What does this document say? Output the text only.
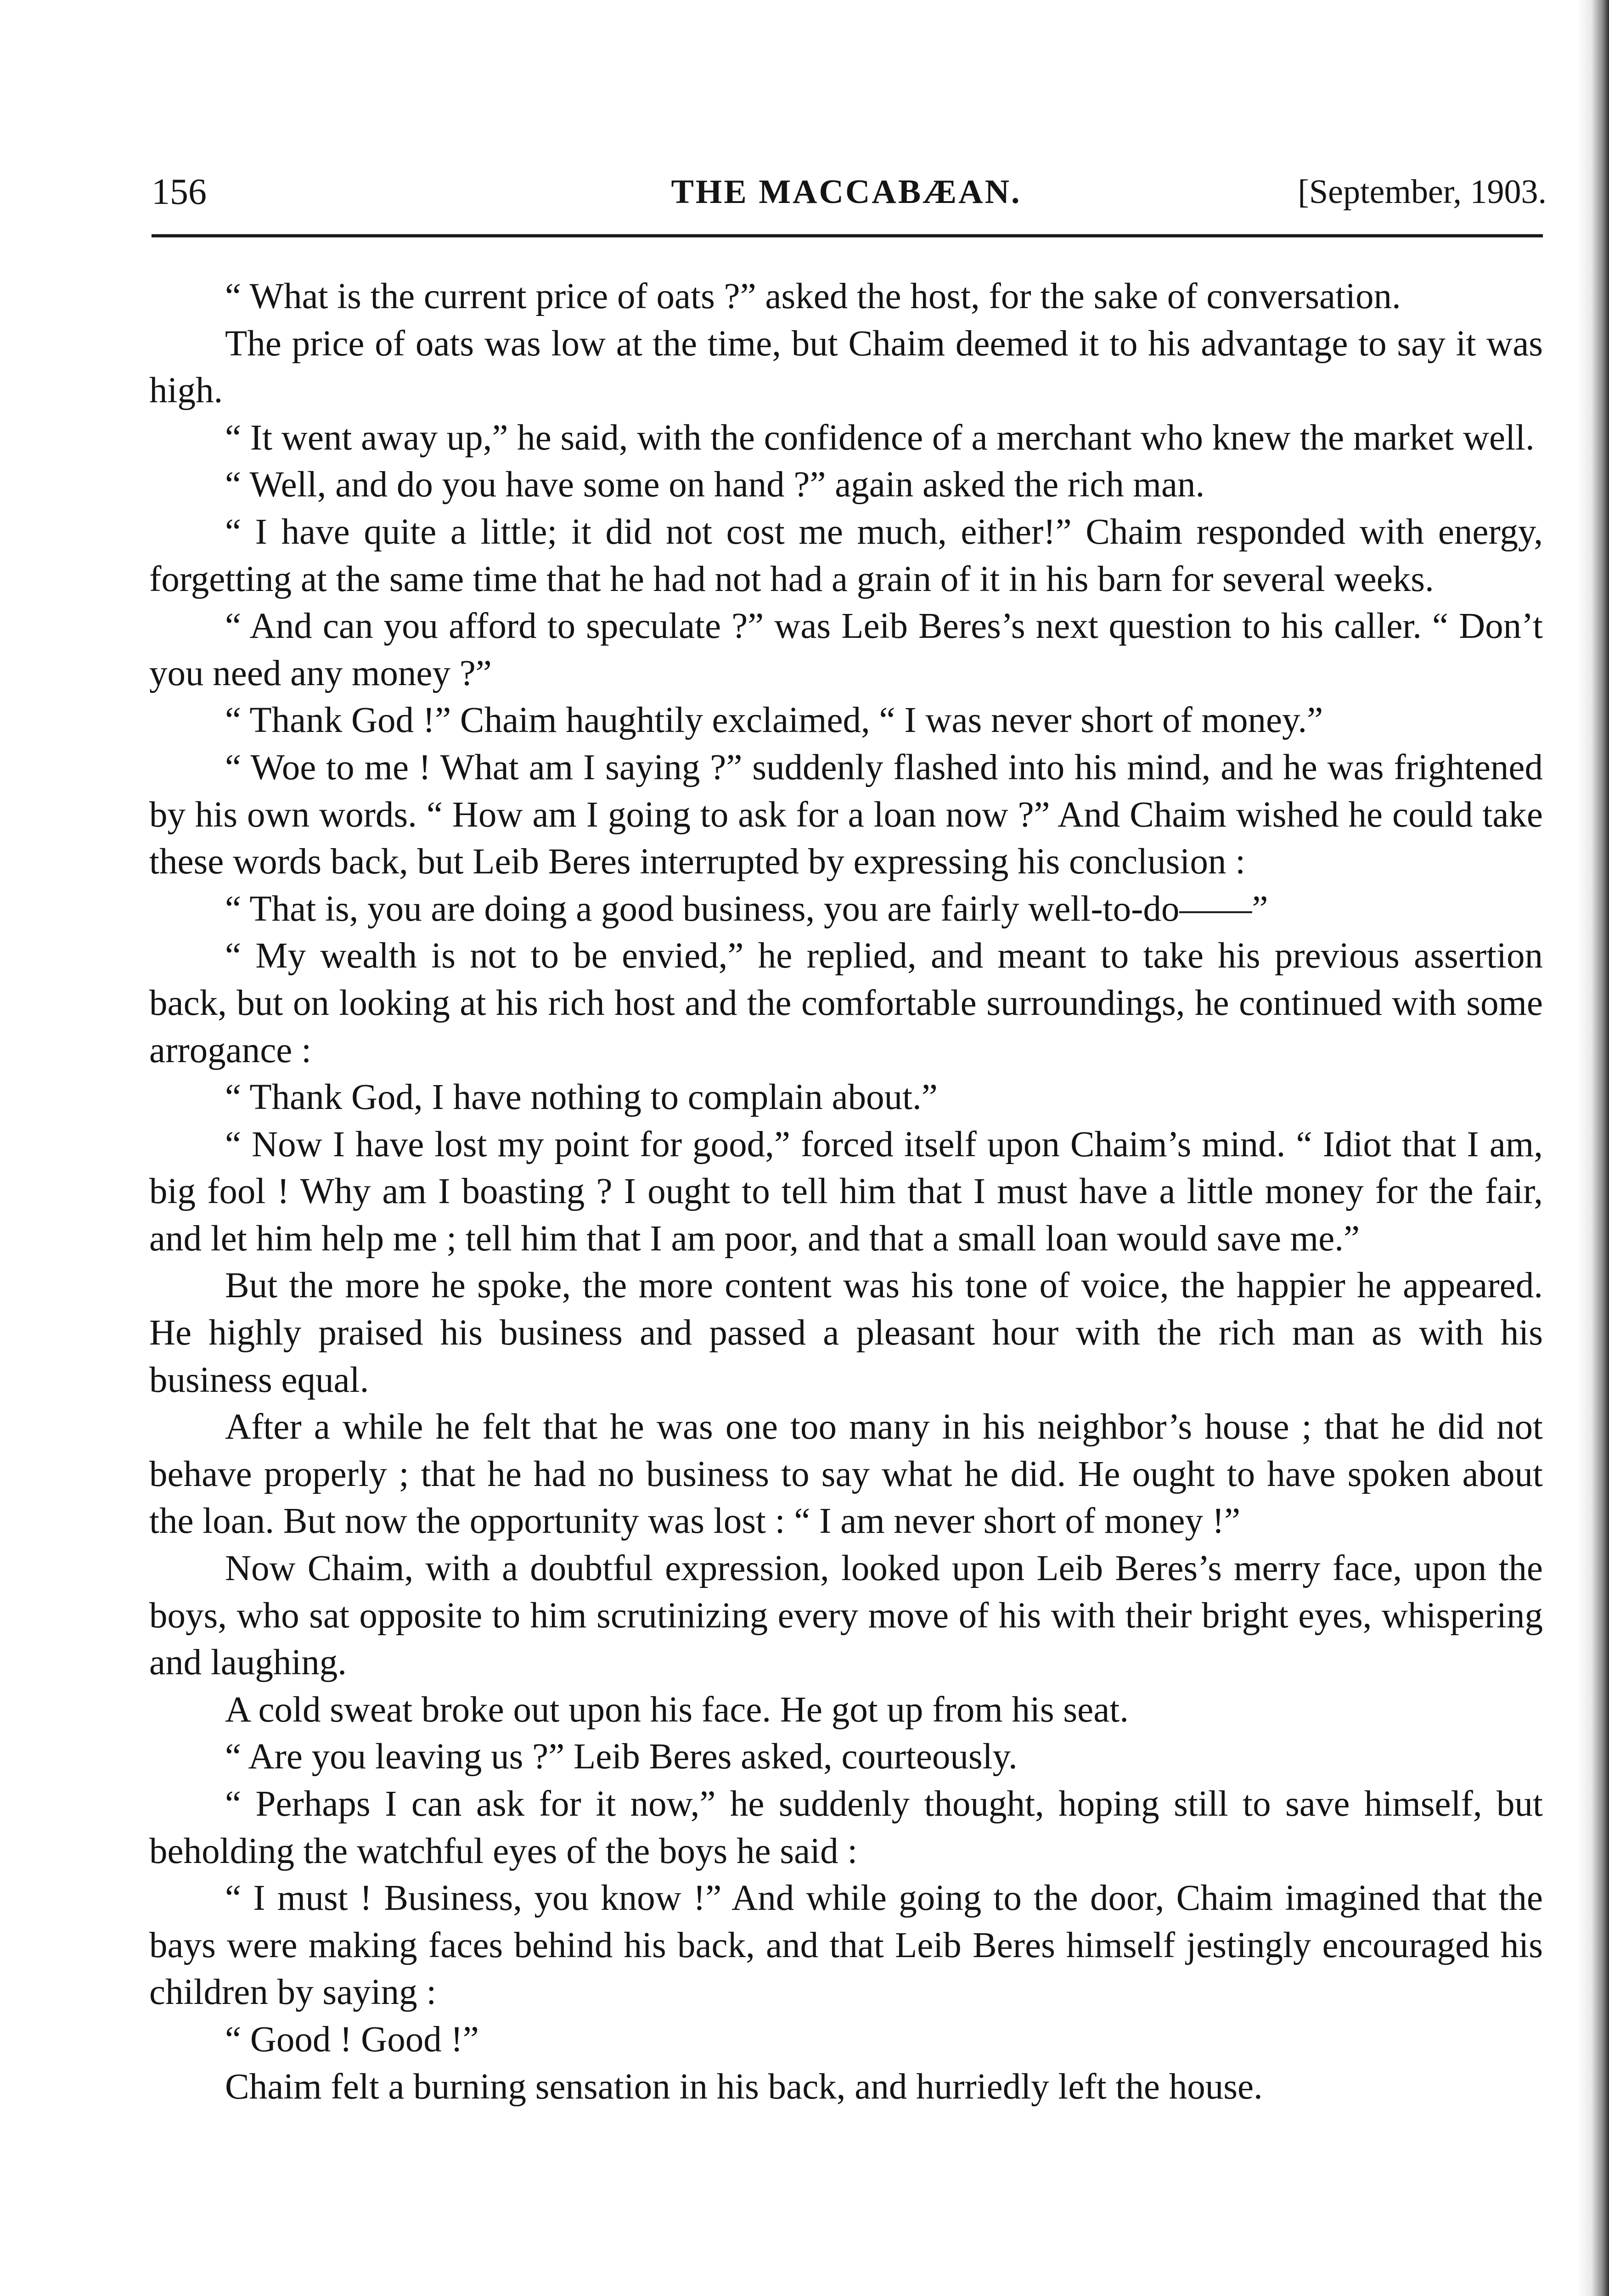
156	THE MACCABÆAN.	[September, 1903.

“ What is the current price of oats ?” asked the host, for the sake of conversation.

The price of oats was low at the time, but Chaim deemed it to his advantage to say it was high.

“ It went away up,” he said, with the confidence of a merchant who knew the market well.

“ Well, and do you have some on hand ?” again asked the rich man.

“ I have quite a little; it did not cost me much, either!” Chaim responded with energy, forgetting at the same time that he had not had a grain of it in his barn for several weeks.

“ And can you afford to speculate ?” was Leib Beres’s next question to his caller. “ Don’t you need any money ?”

“ Thank God !” Chaim haughtily exclaimed, “ I was never short of money.”

“ Woe to me ! What am I saying ?” suddenly flashed into his mind, and he was frightened by his own words. “ How am I going to ask for a loan now ?” And Chaim wished he could take these words back, but Leib Beres interrupted by expressing his conclusion :

“ That is, you are doing a good business, you are fairly well-to-do——”

“ My wealth is not to be envied,” he replied, and meant to take his previous assertion back, but on looking at his rich host and the comfortable surroundings, he continued with some arrogance :

“ Thank God, I have nothing to complain about.”

“ Now I have lost my point for good,” forced itself upon Chaim’s mind. “ Idiot that I am, big fool ! Why am I boasting ? I ought to tell him that I must have a little money for the fair, and let him help me ; tell him that I am poor, and that a small loan would save me.”

But the more he spoke, the more content was his tone of voice, the happier he appeared. He highly praised his business and passed a pleasant hour with the rich man as with his business equal.

After a while he felt that he was one too many in his neighbor’s house ; that he did not behave properly ; that he had no business to say what he did. He ought to have spoken about the loan. But now the opportunity was lost : “ I am never short of money !”

Now Chaim, with a doubtful expression, looked upon Leib Beres’s merry face, upon the boys, who sat opposite to him scrutinizing every move of his with their bright eyes, whispering and laughing.

A cold sweat broke out upon his face. He got up from his seat.

“ Are you leaving us ?” Leib Beres asked, courteously.

“ Perhaps I can ask for it now,” he suddenly thought, hoping still to save himself, but beholding the watchful eyes of the boys he said :

“ I must ! Business, you know !” And while going to the door, Chaim imagined that the bays were making faces behind his back, and that Leib Beres himself jestingly encouraged his children by saying :

“ Good ! Good !”

Chaim felt a burning sensation in his back, and hurriedly left the house.
